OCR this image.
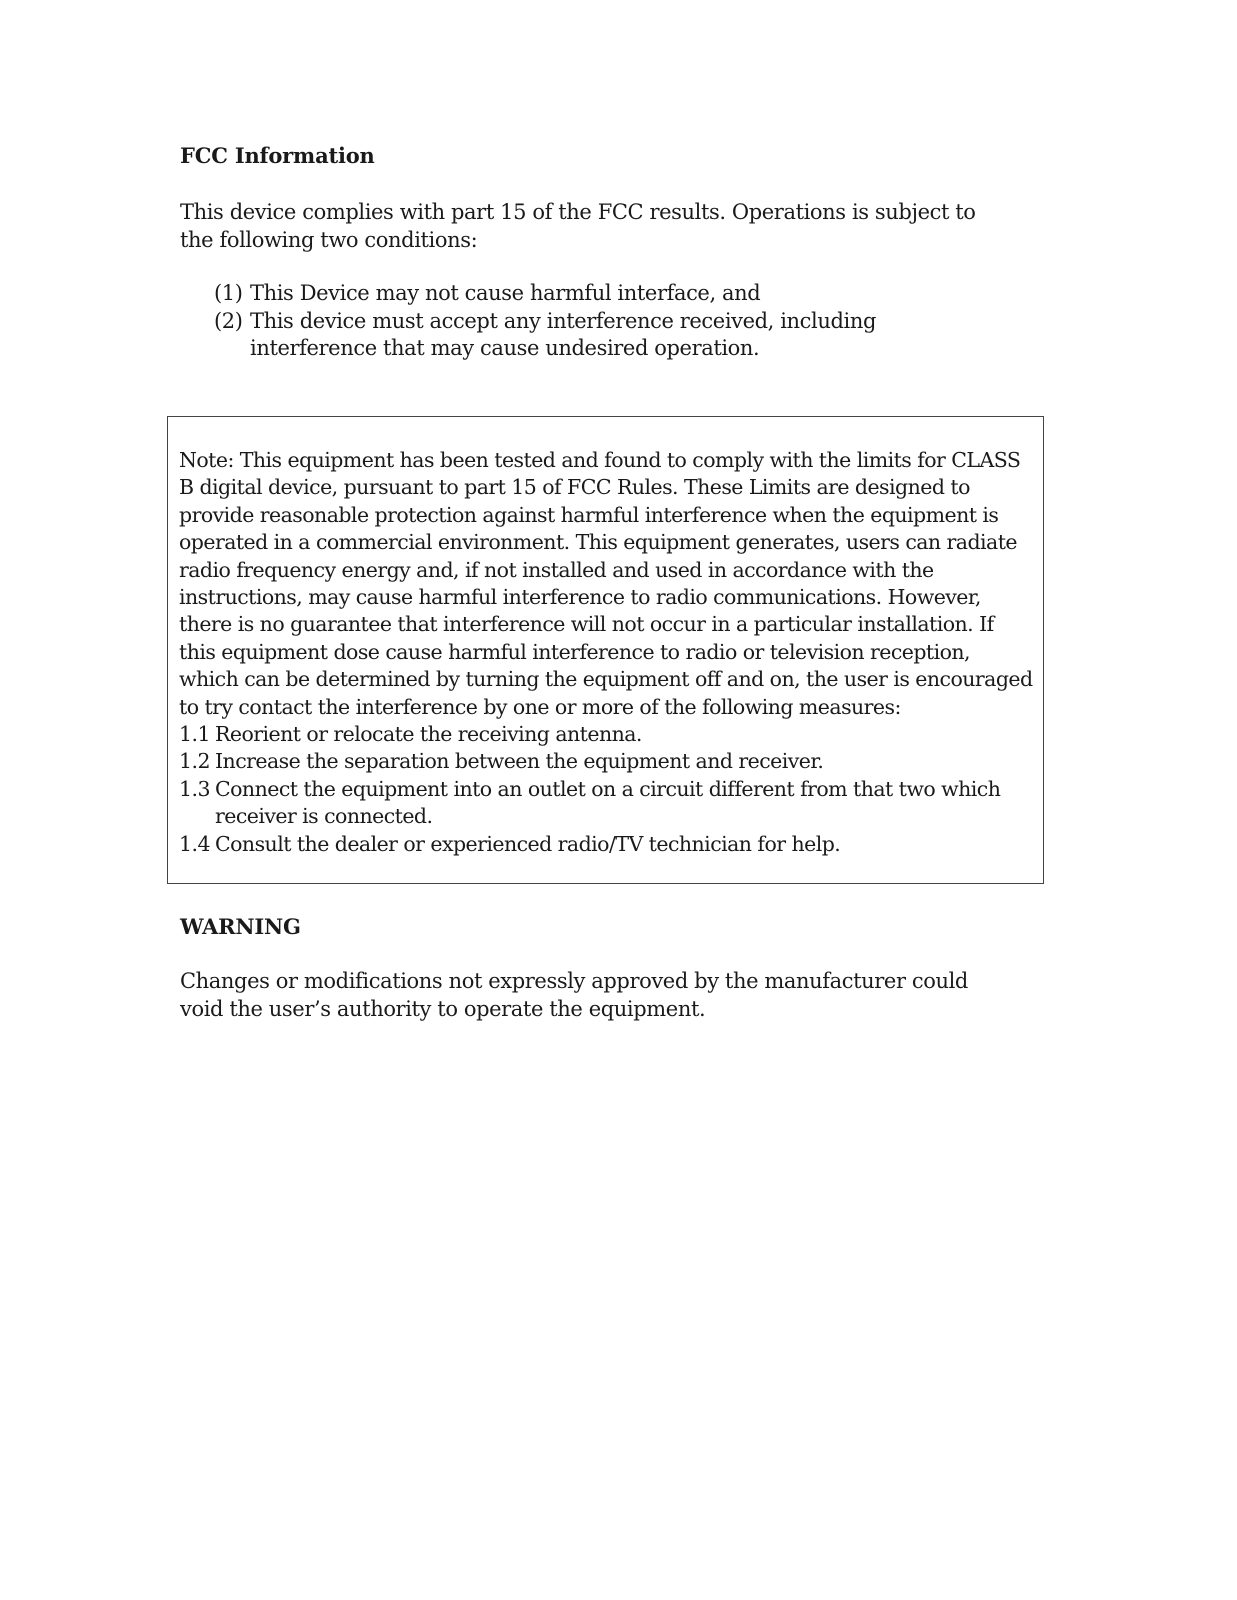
FCC Information
This device complies with part 15 of the FCC results. Operations is subject to the following two conditions:
(1) This Device may not cause harmful interface, and
(2) This device must accept any interference received, including interference that may cause undesired operation.
Note: This equipment has been tested and found to comply with the limits for CLASS B digital device, pursuant to part 15 of FCC Rules. These Limits are designed to provide reasonable protection against harmful interference when the equipment is operated in a commercial environment. This equipment generates, users can radiate radio frequency energy and, if not installed and used in accordance with the instructions, may cause harmful interference to radio communications. However, there is no guarantee that interference will not occur in a particular installation. If this equipment dose cause harmful interference to radio or television reception, which can be determined by turning the equipment off and on, the user is encouraged to try contact the interference by one or more of the following measures:
1.1 Reorient or relocate the receiving antenna.
1.2 Increase the separation between the equipment and receiver.
1.3 Connect the equipment into an outlet on a circuit different from that two which receiver is connected.
1.4 Consult the dealer or experienced radio/TV technician for help.
WARNING
Changes or modifications not expressly approved by the manufacturer could void the user’s authority to operate the equipment.
